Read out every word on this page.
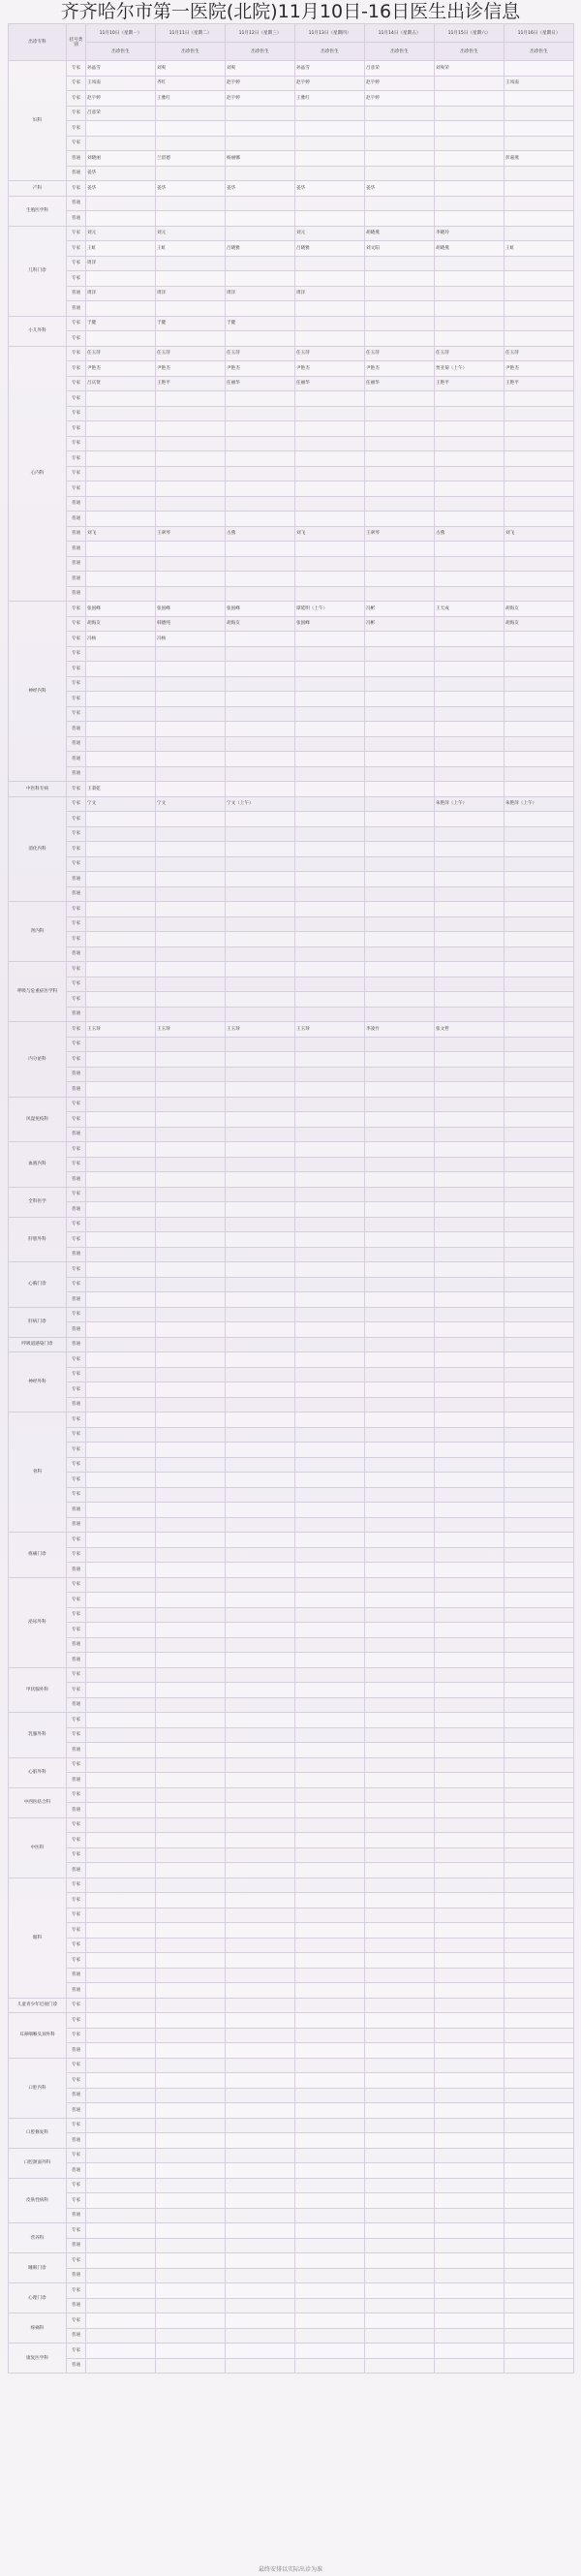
齐齐哈尔市第一医院(北院)11月10日-16日医生出诊信息
出诊专科	挂号类别	11月10日（星期一）	11月11日（星期二）	11月12日（星期三）	11月13日（星期四）	11月14日（星期五）	11月15日（星期六）	11月16日（星期日）
		出诊医生	出诊医生	出诊医生	出诊医生	出诊医生	出诊医生	出诊医生
妇科	专家	孙晶雪	刘爽	刘爽	孙晶雪	吕彦荣	刘爽荣	
	专家	王凤南	齐红	赵宇婷	赵宇婷	赵宇婷		王凤南
	专家	赵宇婷	王雅红	赵宇婷	王雅红	赵宇婷		
	专家	吕彦荣						
	专家							
	专家							
	普通	刘晓丽	兰留德	杨丽娜				彭嘉燕
	普通	姜华						
产科	专家	姜华	姜华	姜华	姜华	姜华		
生殖医学科	普通							
	普通							
儿科门诊	专家	刘元	刘元		刘元	胡晓燕	李晓玲	
	专家	王虹	王虹	吕晓雅	吕晓雅	刘文阳	胡晓燕	王虹
	专家	周洋						
	专家							
	普通	周洋	周洋	周洋	周洋			
	普通							
小儿外科	专家	于健	于健	于健				
	专家							
心内科	专家	任玉萍	任玉萍	任玉萍	任玉萍	任玉萍	任玉萍	任玉萍
	专家	尹艳杰	尹艳杰	尹艳杰	尹艳杰	尹艳杰	贾亚菊（上午）	尹艳杰
	专家	吕庆贤	王艳平	任丽华	任丽华	任丽华	王艳平	王艳平
	专家							
	专家							
	专家							
	专家							
	专家							
	专家							
	专家							
	普通							
	普通							
	普通	刘飞	王翠琴	古燕	刘飞	王翠琴	古燕	刘飞
	普通							
	普通							
	普通							
	普通							
神经内科	专家	张国峰	张国峰	张国峰	谭延明（上午）	冯彬	王天成	胡海友
	专家	胡海友	韩德纯	胡海友	张国峰	冯彬		胡海友
	专家	冯杨	冯杨					
	专家							
	专家							
	专家							
	专家							
	专家							
	普通							
	普通							
	普通							
	普通							
中医科专病	专家	王秉乾						
消化内科	专家	宁文	宁文	宁文（上午）			朱艳萍（上午）	朱艳萍（上午）
	专家							
	专家							
	专家							
	专家							
	普通							
	普通							
肾内科	专家							
	专家							
	专家							
	普通							
呼吸与危重症医学科	专家							
	专家							
	专家							
	普通							
内分泌科	专家	王玉珍	王玉珍	王玉珍	王玉珍	李凌竹	张文哲	
	专家							
	专家							
	普通							
	普通							
风湿免疫科	专家							
	专家							
	普通							
血液内科	专家							
	专家							
	普通							
全科医学	专家							
	普通							
肝胆外科	专家							
	专家							
	普通							
心胸门诊	专家							
	专家							
	普通							
肝病门诊	专家							
	普通							
呼吸道感染门诊	普通							
神经外科	专家							
	专家							
	专家							
	普通							
骨科	专家							
	专家							
	专家							
	专家							
	专家							
	专家							
	普通							
	普通							
疼痛门诊	专家							
	专家							
	普通							
泌尿外科	专家							
	专家							
	专家							
	专家							
	普通							
	普通							
甲状腺外科	专家							
	专家							
	普通							
乳腺外科	专家							
	专家							
	普通							
心脏外科	专家							
	普通							
中西医结合科	专家							
	普通							
中医科	专家							
	专家							
	专家							
	普通							
眼科	专家							
	专家							
	专家							
	专家							
	专家							
	专家							
	普通							
	普通							
儿童青少年近视门诊	专家							
耳鼻咽喉头颈外科	专家							
	专家							
	普通							
口腔内科	专家							
	专家							
	普通							
	普通							
口腔修复科	专家							
	普通							
口腔颌面外科	专家							
	普通							
皮肤性病科	专家							
	专家							
	普通							
营养科	专家							
	普通							
睡眠门诊	专家							
	普通							
心理门诊	专家							
	普通							
疼痛科	专家							
	普通							
康复医学科	专家							
	普通							
最终安排以实际出诊为准
